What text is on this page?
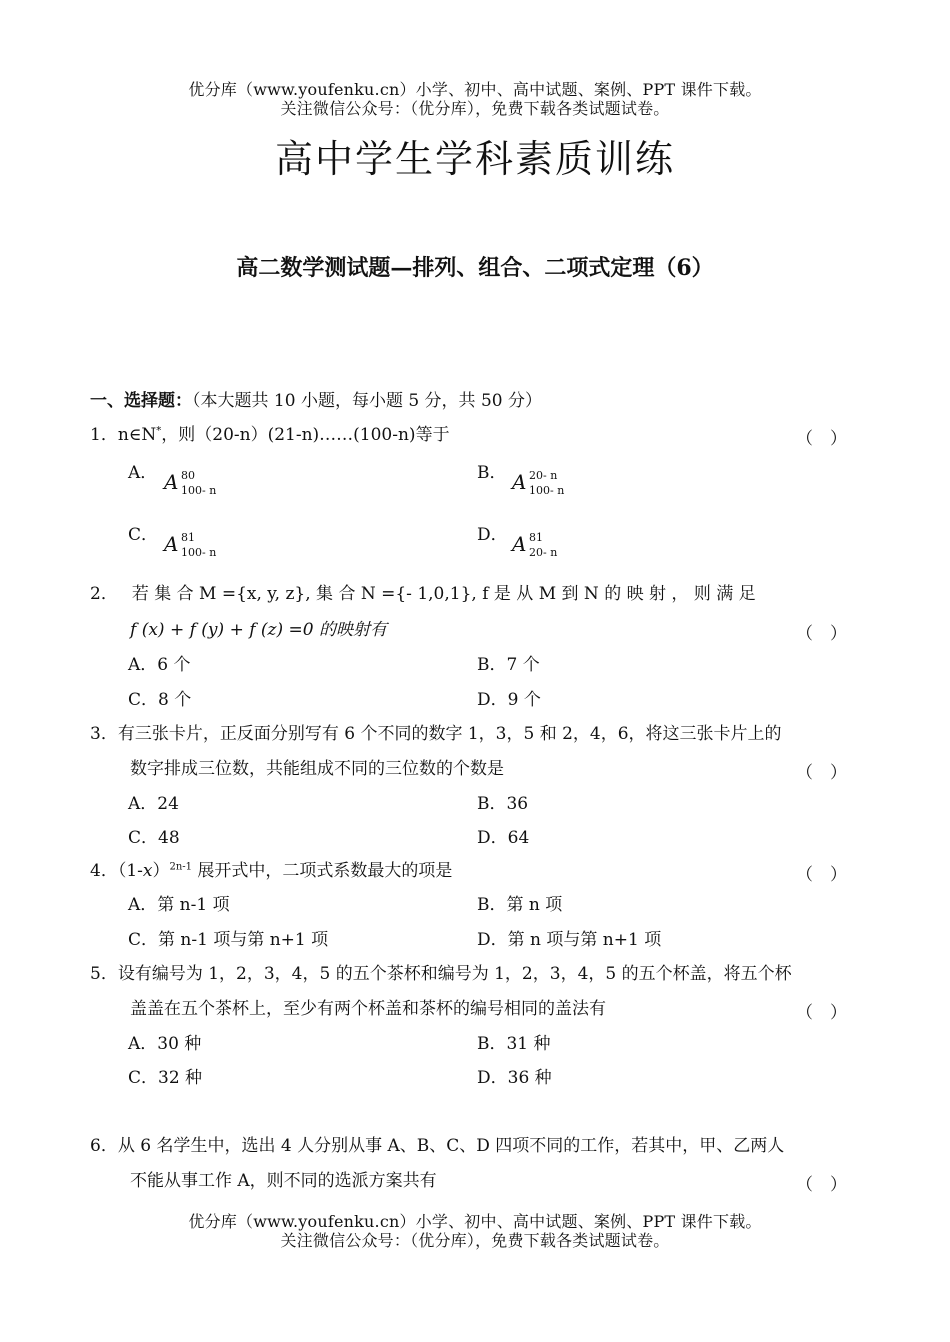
优分库（www.youfenku.cn）小学、初中、高中试题、案例、PPT 课件下载。
关注微信公众号：（优分库），免费下载各类试题试卷。
高中学生学科素质训练
高二数学测试题—排列、组合、二项式定理（6）
一、选择题：（本大题共 10 小题，每小题 5 分，共 50 分）
1．n∈N*，则（20-n）(21-n)……(100-n)等于	（　）
A． A 80
100- n
B． A 20- n
100- n
C． A 81
100- n
D． A 81
20- n
2． 若 集 合 M ={x, y, z}, 集 合 N ={- 1,0,1}, f 是 从 M 到 N 的 映 射 ， 则 满 足
f (x) + f (y) + f (z) =0 的映射有	（　）
A．6 个	B．7 个
C．8 个	D．9 个
3．有三张卡片，正反面分别写有 6 个不同的数字 1，3，5 和 2，4，6，将这三张卡片上的
数字排成三位数，共能组成不同的三位数的个数是	（　）
A．24	B．36
C．48	D．64
4．$(1-x)^{2n-1}$ 展开式中，二项式系数最大的项是	（　）
A．第 n-1 项	B．第 n 项
C．第 n-1 项与第 n+1 项	D．第 n 项与第 n+1 项
5．设有编号为 1，2，3，4，5 的五个茶杯和编号为 1，2，3，4，5 的五个杯盖，将五个杯
盖盖在五个茶杯上，至少有两个杯盖和茶杯的编号相同的盖法有	（　）
A．30 种	B．31 种
C．32 种	D．36 种
6．从 6 名学生中，选出 4 人分别从事 A、B、C、D 四项不同的工作，若其中，甲、乙两人
不能从事工作 A，则不同的选派方案共有	（　）
优分库（www.youfenku.cn）小学、初中、高中试题、案例、PPT 课件下载。
关注微信公众号：（优分库），免费下载各类试题试卷。
